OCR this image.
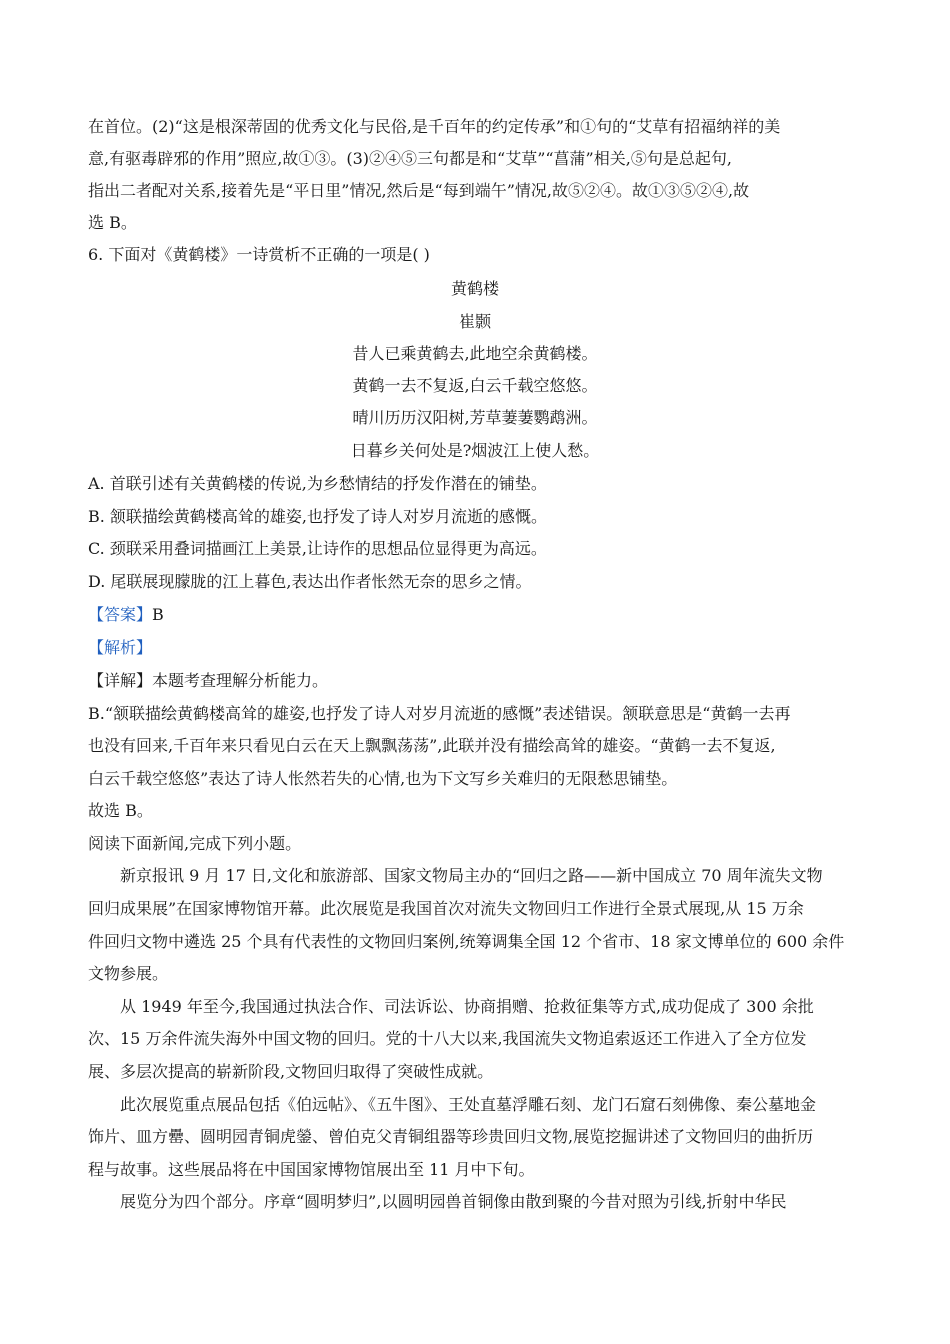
在首位。(2)“这是根深蒂固的优秀文化与民俗,是千百年的约定传承”和①句的“艾草有招福纳祥的美
意,有驱毒辟邪的作用”照应,故①③。(3)②④⑤三句都是和“艾草”“菖蒲”相关,⑤句是总起句,
指出二者配对关系,接着先是“平日里”情况,然后是“每到端午”情况,故⑤②④。故①③⑤②④,故
选 B。
6. 下面对《黄鹤楼》一诗赏析不正确的一项是( )
黄鹤楼
崔颢
昔人已乘黄鹤去,此地空余黄鹤楼。
黄鹤一去不复返,白云千载空悠悠。
晴川历历汉阳树,芳草萋萋鹦鹉洲。
日暮乡关何处是?烟波江上使人愁。
A. 首联引述有关黄鹤楼的传说,为乡愁情结的抒发作潜在的铺垫。
B. 颔联描绘黄鹤楼高耸的雄姿,也抒发了诗人对岁月流逝的感慨。
C. 颈联采用叠词描画江上美景,让诗作的思想品位显得更为高远。
D. 尾联展现朦胧的江上暮色,表达出作者怅然无奈的思乡之情。
【答案】B
【解析】
【详解】本题考查理解分析能力。
B.“颔联描绘黄鹤楼高耸的雄姿,也抒发了诗人对岁月流逝的感慨”表述错误。颔联意思是“黄鹤一去再
也没有回来,千百年来只看见白云在天上飘飘荡荡”,此联并没有描绘高耸的雄姿。“黄鹤一去不复返,
白云千载空悠悠”表达了诗人怅然若失的心情,也为下文写乡关难归的无限愁思铺垫。
故选 B。
阅读下面新闻,完成下列小题。
新京报讯 9 月 17 日,文化和旅游部、国家文物局主办的“回归之路——新中国成立 70 周年流失文物
回归成果展”在国家博物馆开幕。此次展览是我国首次对流失文物回归工作进行全景式展现,从 15 万余
件回归文物中遴选 25 个具有代表性的文物回归案例,统筹调集全国 12 个省市、18 家文博单位的 600 余件
文物参展。
从 1949 年至今,我国通过执法合作、司法诉讼、协商捐赠、抢救征集等方式,成功促成了 300 余批
次、15 万余件流失海外中国文物的回归。党的十八大以来,我国流失文物追索返还工作进入了全方位发
展、多层次提高的崭新阶段,文物回归取得了突破性成就。
此次展览重点展品包括《伯远帖》、《五牛图》、王处直墓浮雕石刻、龙门石窟石刻佛像、秦公墓地金
饰片、皿方罍、圆明园青铜虎鎣、曾伯克父青铜组器等珍贵回归文物,展览挖掘讲述了文物回归的曲折历
程与故事。这些展品将在中国国家博物馆展出至 11 月中下旬。
展览分为四个部分。序章“圆明梦归”,以圆明园兽首铜像由散到聚的今昔对照为引线,折射中华民
